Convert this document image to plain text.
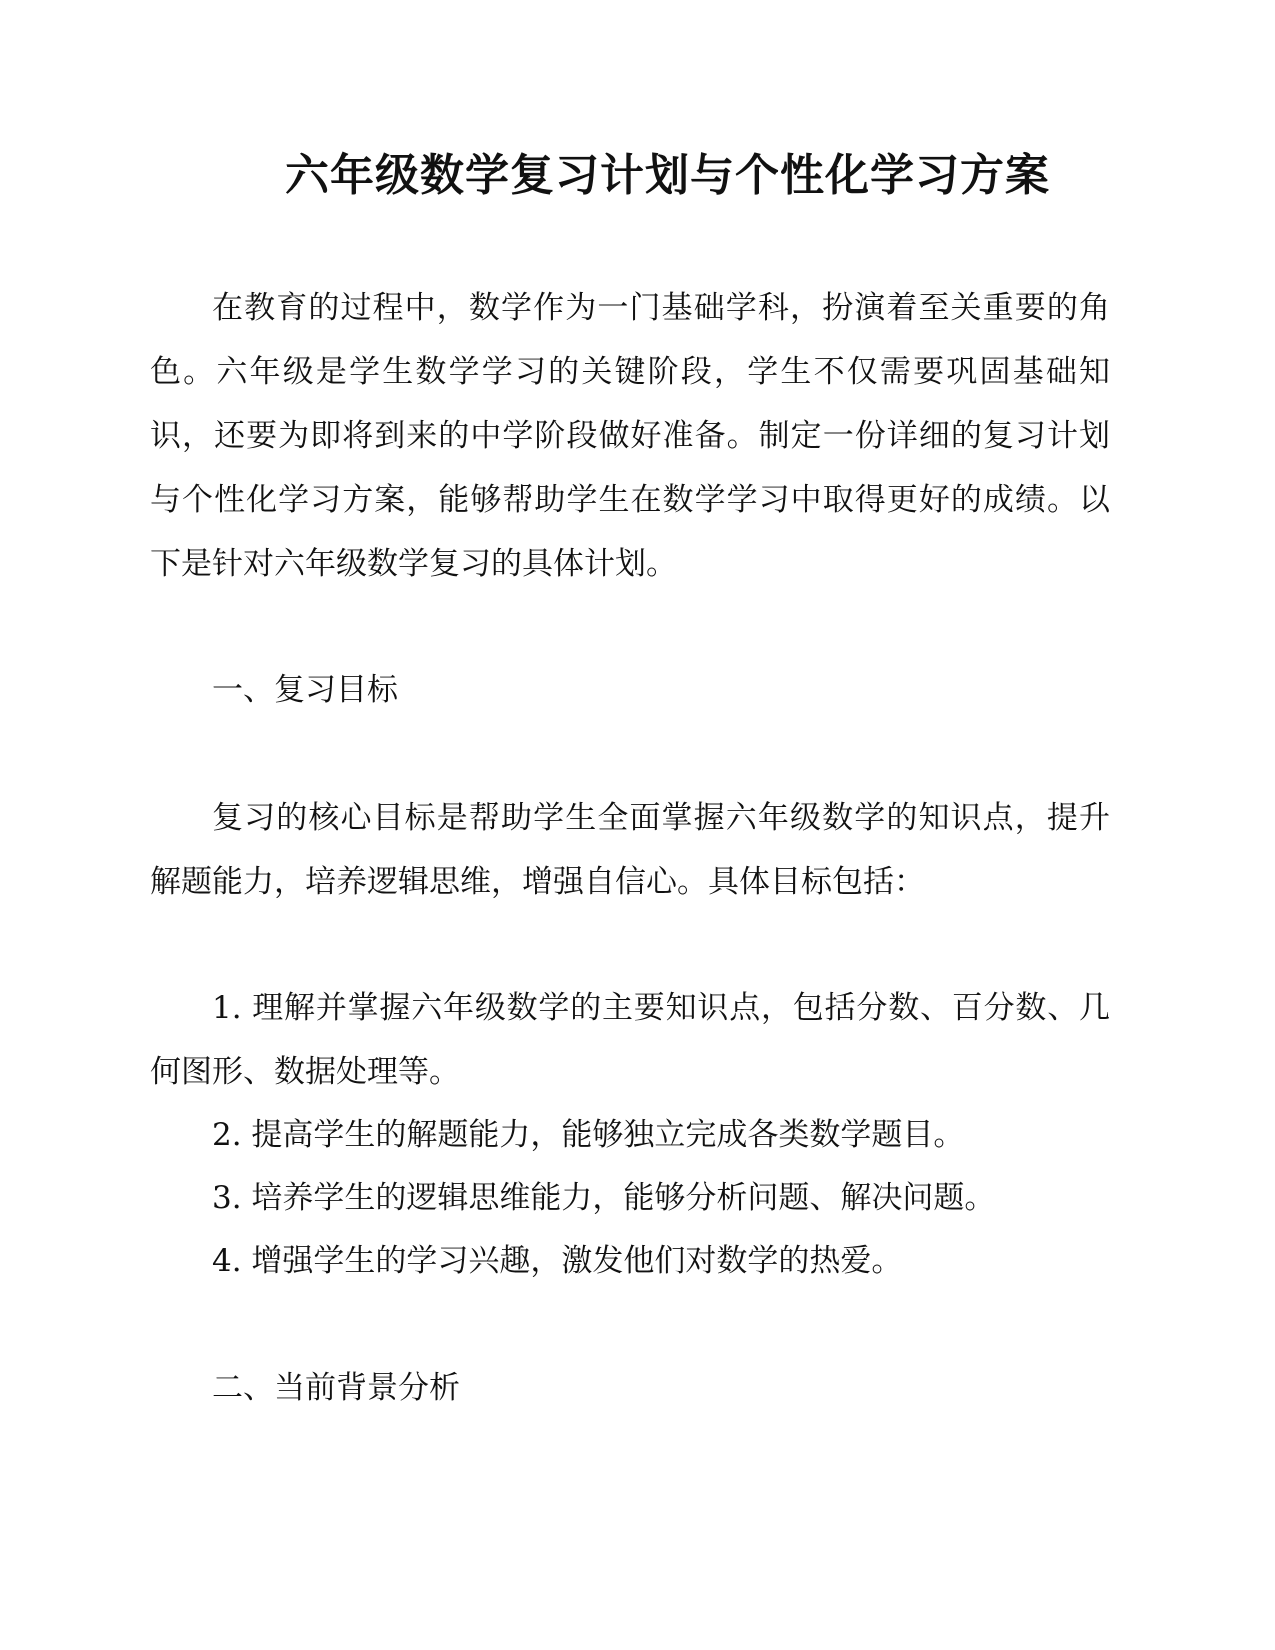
六年级数学复习计划与个性化学习方案

在教育的过程中，数学作为一门基础学科，扮演着至关重要的角色。六年级是学生数学学习的关键阶段，学生不仅需要巩固基础知识，还要为即将到来的中学阶段做好准备。制定一份详细的复习计划与个性化学习方案，能够帮助学生在数学学习中取得更好的成绩。以下是针对六年级数学复习的具体计划。

一、复习目标

复习的核心目标是帮助学生全面掌握六年级数学的知识点，提升解题能力，培养逻辑思维，增强自信心。具体目标包括：

1. 理解并掌握六年级数学的主要知识点，包括分数、百分数、几何图形、数据处理等。

2. 提高学生的解题能力，能够独立完成各类数学题目。

3. 培养学生的逻辑思维能力，能够分析问题、解决问题。

4. 增强学生的学习兴趣，激发他们对数学的热爱。

二、当前背景分析
